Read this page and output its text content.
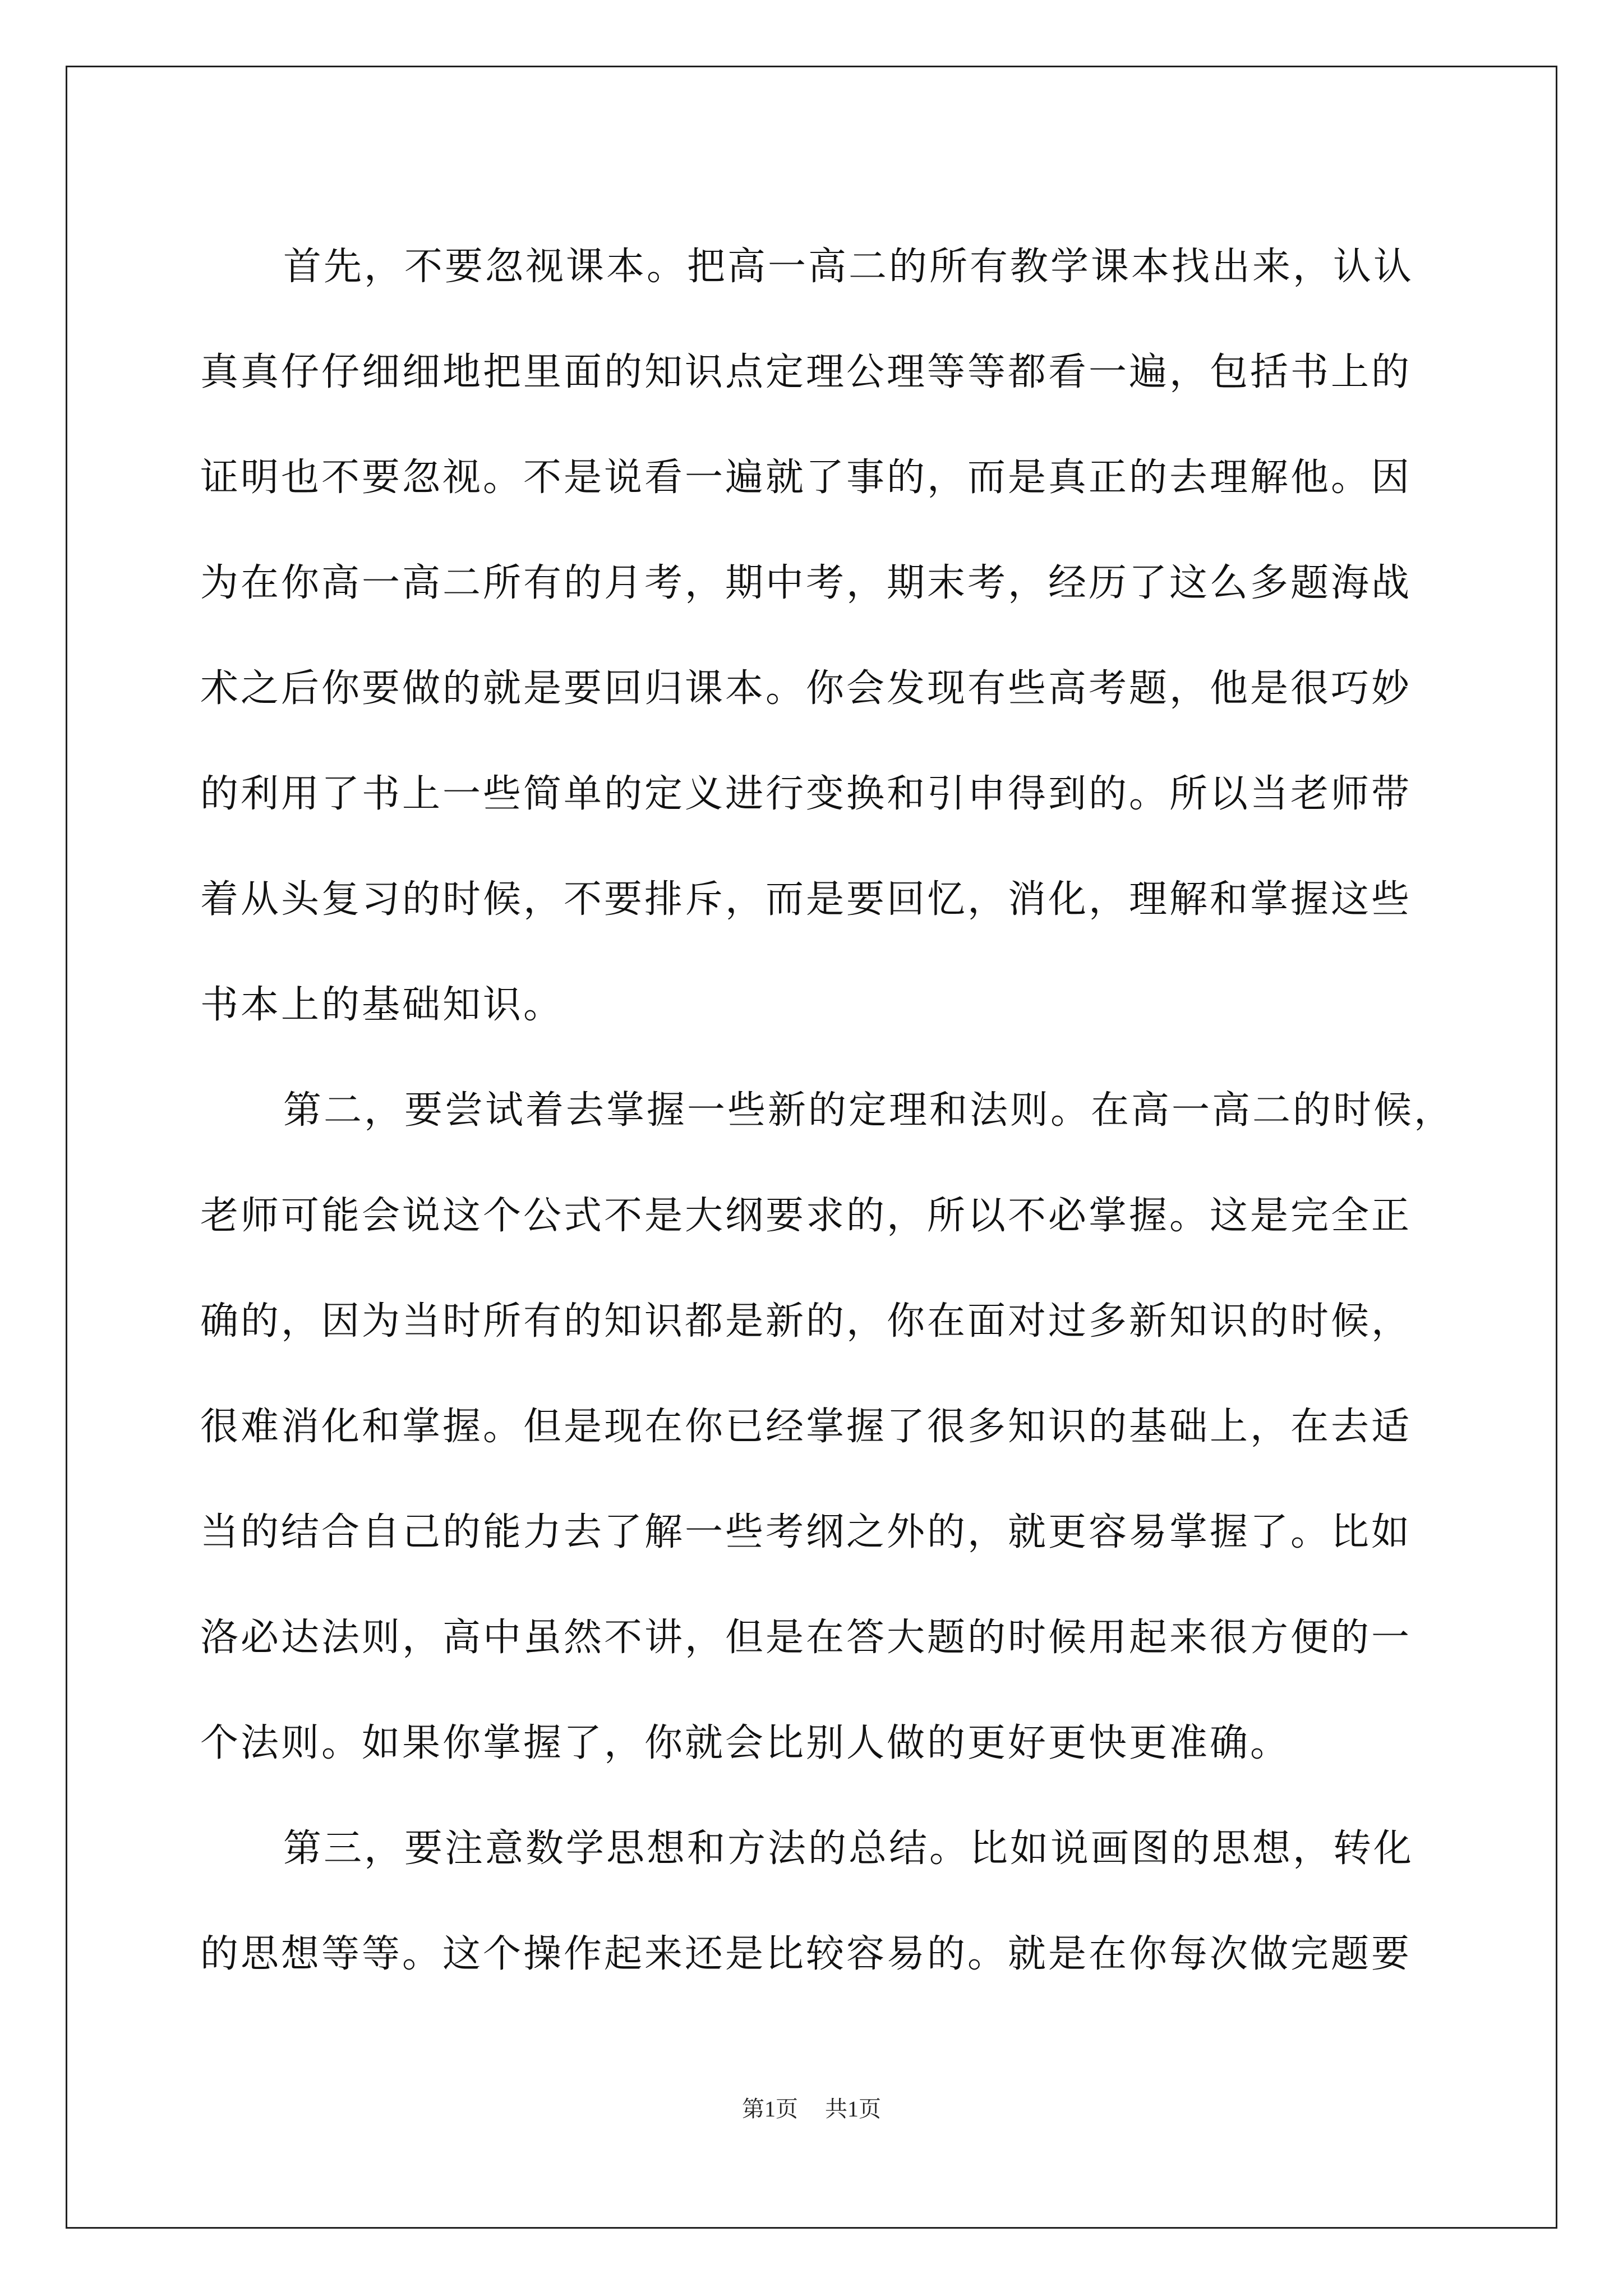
首先，不要忽视课本。把高一高二的所有教学课本找出来，认认
真真仔仔细细地把里面的知识点定理公理等等都看一遍，包括书上的
证明也不要忽视。不是说看一遍就了事的，而是真正的去理解他。因
为在你高一高二所有的月考，期中考，期末考，经历了这么多题海战
术之后你要做的就是要回归课本。你会发现有些高考题，他是很巧妙
的利用了书上一些简单的定义进行变换和引申得到的。所以当老师带
着从头复习的时候，不要排斥，而是要回忆，消化，理解和掌握这些
书本上的基础知识。
第二，要尝试着去掌握一些新的定理和法则。在高一高二的时候，
老师可能会说这个公式不是大纲要求的，所以不必掌握。这是完全正
确的，因为当时所有的知识都是新的，你在面对过多新知识的时候，
很难消化和掌握。但是现在你已经掌握了很多知识的基础上，在去适
当的结合自己的能力去了解一些考纲之外的，就更容易掌握了。比如
洛必达法则，高中虽然不讲，但是在答大题的时候用起来很方便的一
个法则。如果你掌握了，你就会比别人做的更好更快更准确。
第三，要注意数学思想和方法的总结。比如说画图的思想，转化
的思想等等。这个操作起来还是比较容易的。就是在你每次做完题要
第1页 共1页
